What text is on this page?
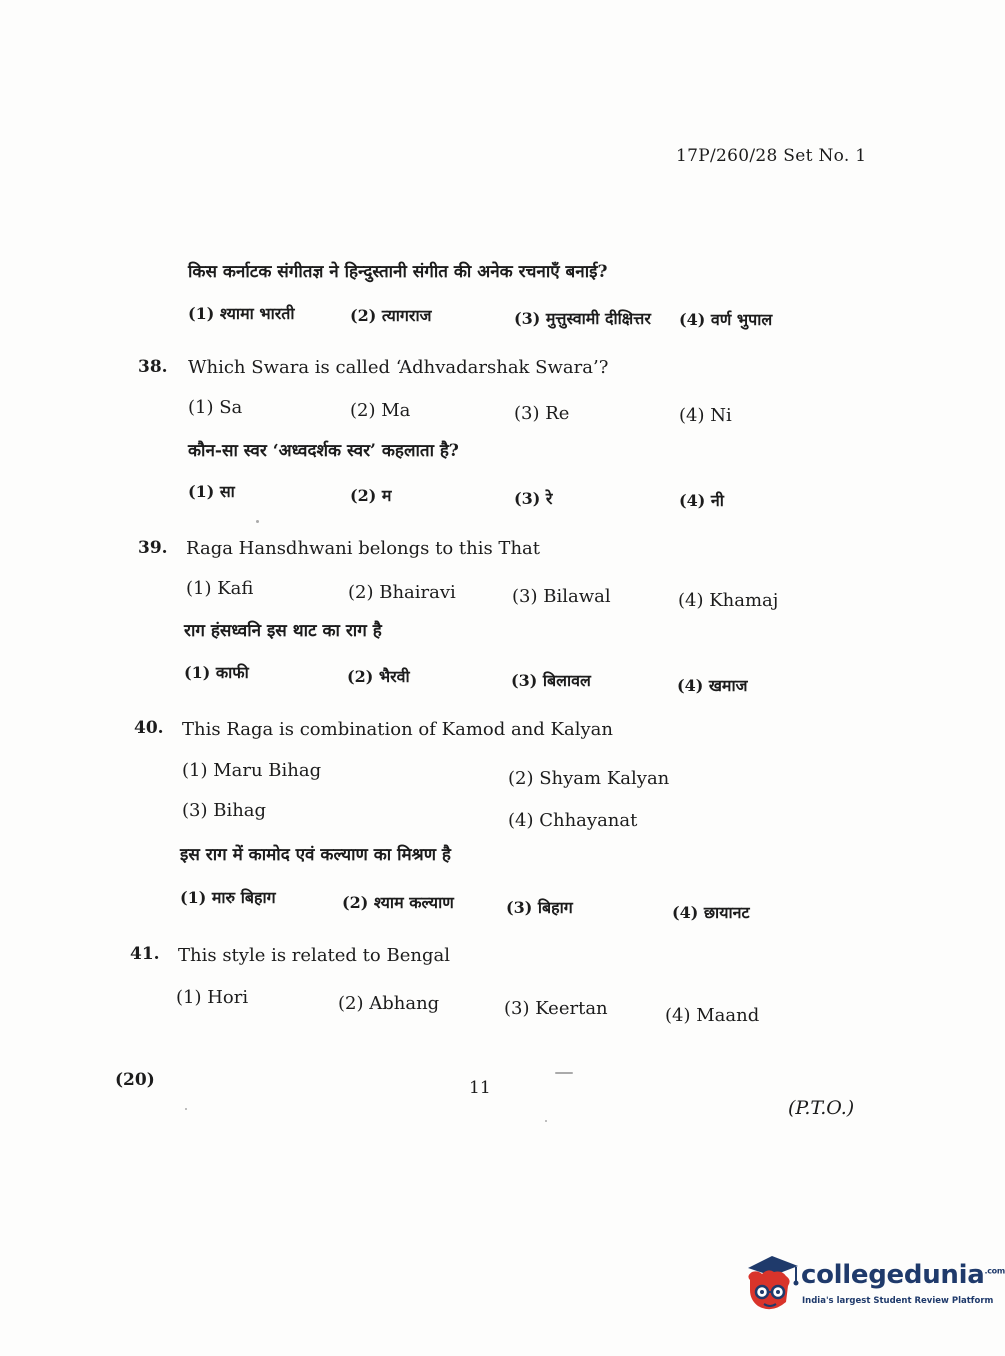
17P/260/28 Set No. 1
किस कर्नाटक संगीतज्ञ ने हिन्दुस्तानी संगीत की अनेक रचनाएँ बनाई?
(1) श्यामा भारती	(2) त्यागराज	(3) मुत्तुस्वामी दीक्षित्तर (4) वर्ण भुपाल
38. Which Swara is called ‘Adhvadarshak Swara’?
(1) Sa	(2) Ma	(3) Re	(4) Ni
कौन-सा स्वर ‘अध्वदर्शक स्वर’ कहलाता है?
(1) सा	(2) म	(3) रे	(4) नी
39. Raga Hansdhwani belongs to this That
(1) Kafi	(2) Bhairavi	(3) Bilawal	(4) Khamaj
राग हंसध्वनि इस थाट का राग है
(1) काफी	(2) भैरवी	(3) बिलावल	(4) खमाज
40. This Raga is combination of Kamod and Kalyan
(1) Maru Bihag	(2) Shyam Kalyan
(3) Bihag	(4) Chhayanat
इस राग में कामोद एवं कल्याण का मिश्रण है
(1) मारु बिहाग	(2) श्याम कल्याण	(3) बिहाग	(4) छायानट
41. This style is related to Bengal
(1) Hori	(2) Abhang	(3) Keertan	(4) Maand
(20)	11
(P.T.O.)
collegedunia$^{.com}$
India's largest Student Review Platform
